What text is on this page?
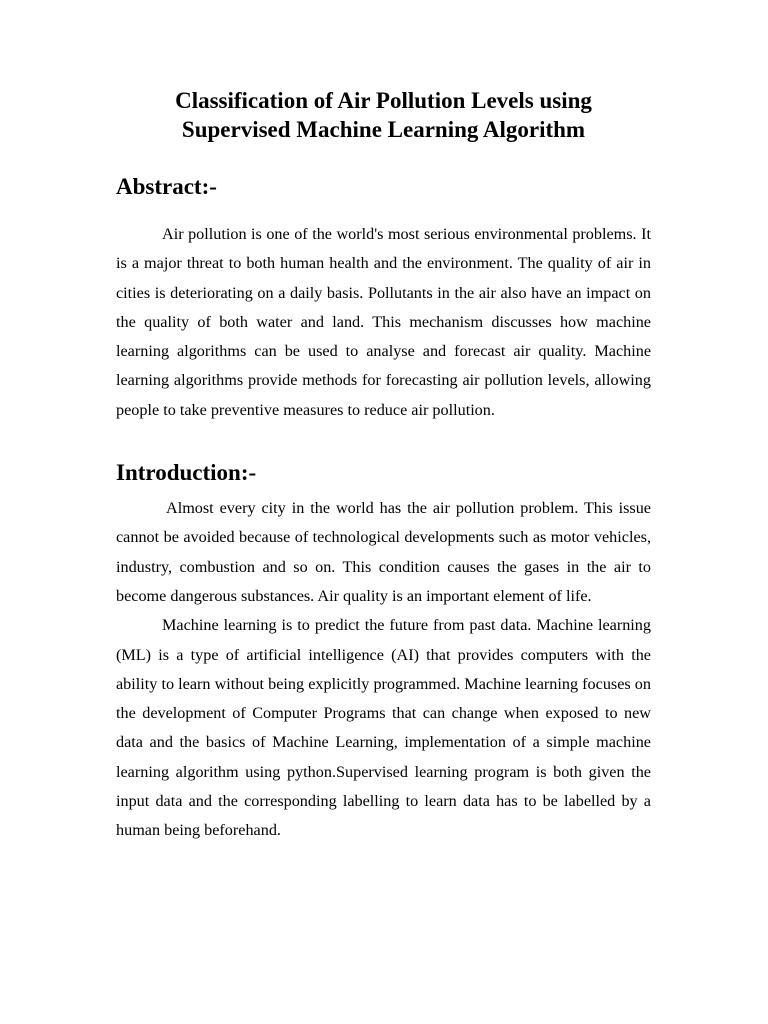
Classification of Air Pollution Levels using
Supervised Machine Learning Algorithm
Abstract:-

Air pollution is one of the world's most serious environmental problems. It is a major threat to both human health and the environment. The quality of air in cities is deteriorating on a daily basis. Pollutants in the air also have an impact on the quality of both water and land. This mechanism discusses how machine learning algorithms can be used to analyse and forecast air quality. Machine learning algorithms provide methods for forecasting air pollution levels, allowing people to take preventive measures to reduce air pollution.

Introduction:-

Almost every city in the world has the air pollution problem. This issue cannot be avoided because of technological developments such as motor vehicles, industry, combustion and so on. This condition causes the gases in the air to become dangerous substances. Air quality is an important element of life.

Machine learning is to predict the future from past data. Machine learning (ML) is a type of artificial intelligence (AI) that provides computers with the ability to learn without being explicitly programmed. Machine learning focuses on the development of Computer Programs that can change when exposed to new data and the basics of Machine Learning, implementation of a simple machine learning algorithm using python.Supervised learning program is both given the input data and the corresponding labelling to learn data has to be labelled by a human being beforehand.
